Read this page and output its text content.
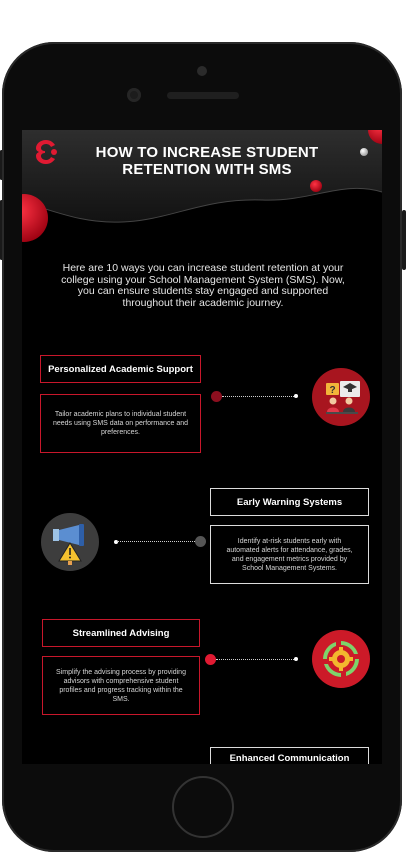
HOW TO INCREASE STUDENT RETENTION WITH SMS
Here are 10 ways you can increase student retention at your college using your School Management System (SMS). Now, you can ensure students stay engaged and supported throughout their academic journey.
Personalized Academic Support
Tailor academic plans to individual student needs using SMS data on performance and preferences.
?
Early Warning Systems
Identify at-risk students early with automated alerts for attendance, grades, and engagement metrics provided by School Management Systems.
Streamlined Advising
Simplify the advising process by providing advisors with comprehensive student profiles and progress tracking within the SMS.
Enhanced Communication
